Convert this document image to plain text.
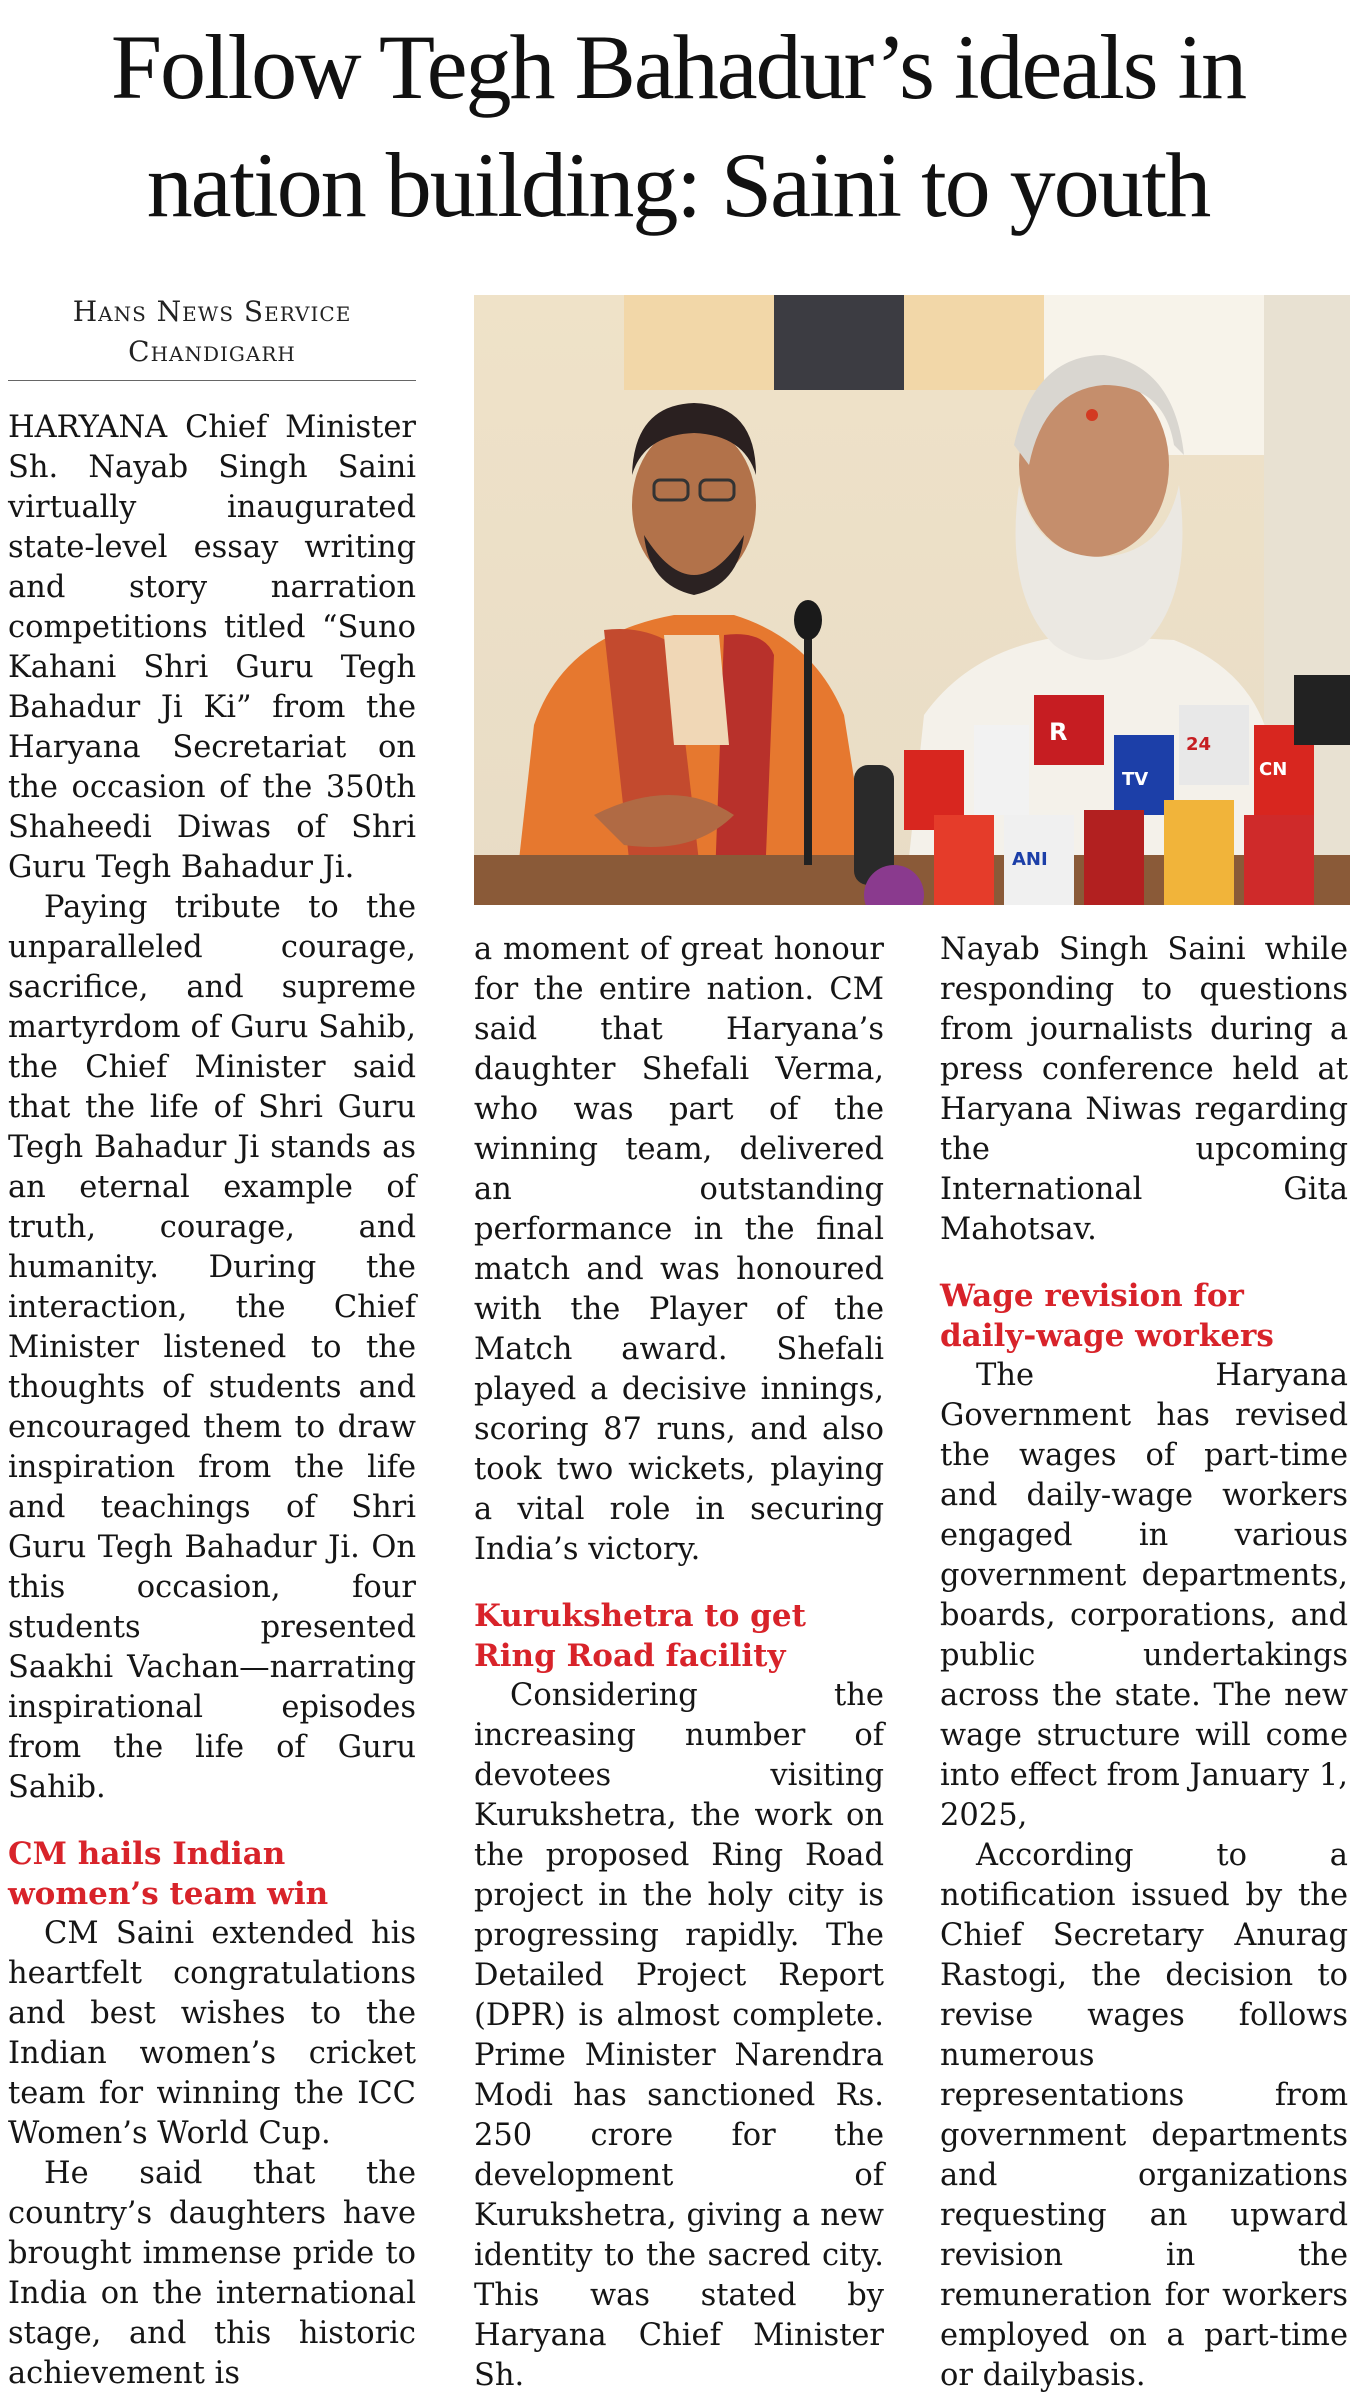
Follow Tegh Bahadur’s ideals in nation building: Saini to youth
Hans News Service
Chandigarh
R
TV
24
CN
ANI

HARYANA Chief Minister Sh. Nayab Singh Saini virtually inaugurated state-level essay writing and story narration competitions titled “Suno Kahani Shri Guru Tegh Bahadur Ji Ki” from the Haryana Secretariat on the occasion of the 350th Shaheedi Diwas of Shri Guru Tegh Bahadur Ji.

Paying tribute to the unparalleled courage, sacrifice, and supreme martyrdom of Guru Sahib, the Chief Minister said that the life of Shri Guru Tegh Bahadur Ji stands as an eternal example of truth, courage, and humanity. During the interaction, the Chief Minister listened to the thoughts of students and encouraged them to draw inspiration from the life and teachings of Shri Guru Tegh Bahadur Ji. On this occasion, four students presented Saakhi Vachan—narrating inspirational episodes from the life of Guru Sahib.

CM hails Indian women’s team win

CM Saini extended his heartfelt congratulations and best wishes to the Indian women’s cricket team for winning the ICC Women’s World Cup.

He said that the country’s daughters have brought immense pride to India on the international stage, and this historic achievement is

a moment of great honour for the entire nation. CM said that Haryana’s daughter Shefali Verma, who was part of the winning team, delivered an outstanding performance in the final match and was honoured with the Player of the Match award. Shefali played a decisive innings, scoring 87 runs, and also took two wickets, playing a vital role in securing India’s victory.

Kurukshetra to get Ring Road facility

Considering the increasing number of devotees visiting Kurukshetra, the work on the proposed Ring Road project in the holy city is progressing rapidly. The Detailed Project Report (DPR) is almost complete. Prime Minister Narendra Modi has sanctioned Rs. 250 crore for the development of Kurukshetra, giving a new identity to the sacred city. This was stated by Haryana Chief Minister Sh.

Nayab Singh Saini while responding to questions from journalists during a press conference held at Haryana Niwas regarding the upcoming International Gita Mahotsav.

Wage revision for daily-wage workers

The Haryana Government has revised the wages of part-time and daily-wage workers engaged in various government departments, boards, corporations, and public undertakings across the state. The new wage structure will come into effect from January 1, 2025,

According to a notification issued by the Chief Secretary Anurag Rastogi, the decision to revise wages follows numerous representations from government departments and organizations requesting an upward revision in the remuneration for workers employed on a part-time or dailybasis.
